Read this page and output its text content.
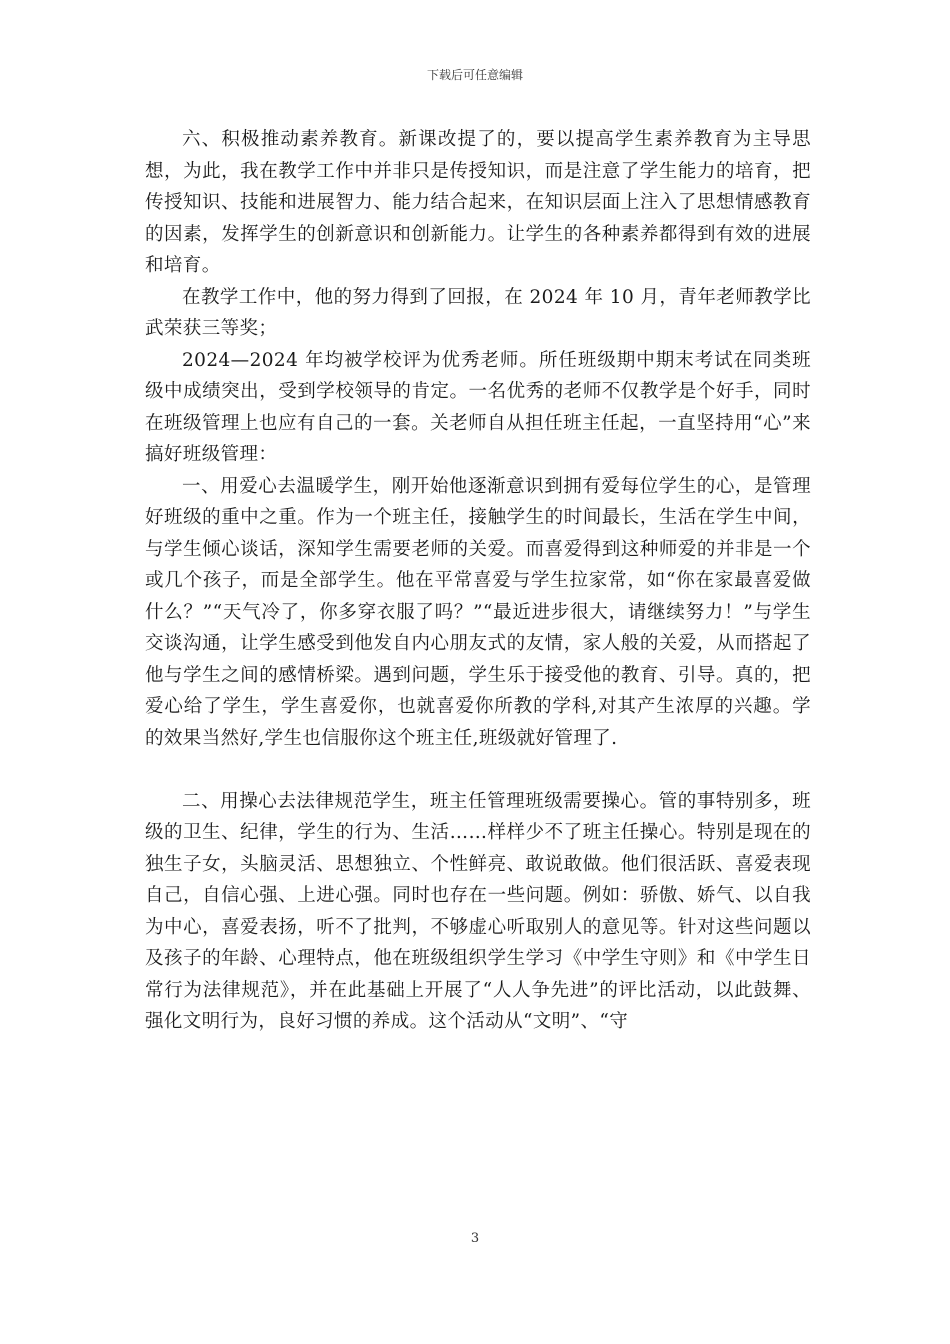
下载后可任意编辑

六、积极推动素养教育。新课改提了的，要以提高学生素养教育为主导思想，为此，我在教学工作中并非只是传授知识，而是注意了学生能力的培育，把传授知识、技能和进展智力、能力结合起来，在知识层面上注入了思想情感教育的因素，发挥学生的创新意识和创新能力。让学生的各种素养都得到有效的进展和培育。

在教学工作中，他的努力得到了回报，在 2024 年 10 月，青年老师教学比武荣获三等奖；

2024—2024 年均被学校评为优秀老师。所任班级期中期末考试在同类班级中成绩突出，受到学校领导的肯定。一名优秀的老师不仅教学是个好手，同时在班级管理上也应有自己的一套。关老师自从担任班主任起，一直坚持用“心”来搞好班级管理：

一、用爱心去温暖学生，刚开始他逐渐意识到拥有爱每位学生的心，是管理好班级的重中之重。作为一个班主任，接触学生的时间最长，生活在学生中间，与学生倾心谈话，深知学生需要老师的关爱。而喜爱得到这种师爱的并非是一个或几个孩子，而是全部学生。他在平常喜爱与学生拉家常，如“你在家最喜爱做什么？”“天气冷了，你多穿衣服了吗？”“最近进步很大，请继续努力！”与学生交谈沟通，让学生感受到他发自内心朋友式的友情，家人般的关爱，从而搭起了他与学生之间的感情桥梁。遇到问题，学生乐于接受他的教育、引导。真的，把爱心给了学生，学生喜爱你，也就喜爱你所教的学科,对其产生浓厚的兴趣。学的效果当然好,学生也信服你这个班主任,班级就好管理了.

二、用操心去法律规范学生，班主任管理班级需要操心。管的事特别多，班级的卫生、纪律，学生的行为、生活……样样少不了班主任操心。特别是现在的独生子女，头脑灵活、思想独立、个性鲜亮、敢说敢做。他们很活跃、喜爱表现自己，自信心强、上进心强。同时也存在一些问题。例如：骄傲、娇气、以自我为中心，喜爱表扬，听不了批判，不够虚心听取别人的意见等。针对这些问题以及孩子的年龄、心理特点，他在班级组织学生学习《中学生守则》和《中学生日常行为法律规范》，并在此基础上开展了“人人争先进”的评比活动，以此鼓舞、强化文明行为，良好习惯的养成。这个活动从“文明”、“守

3
